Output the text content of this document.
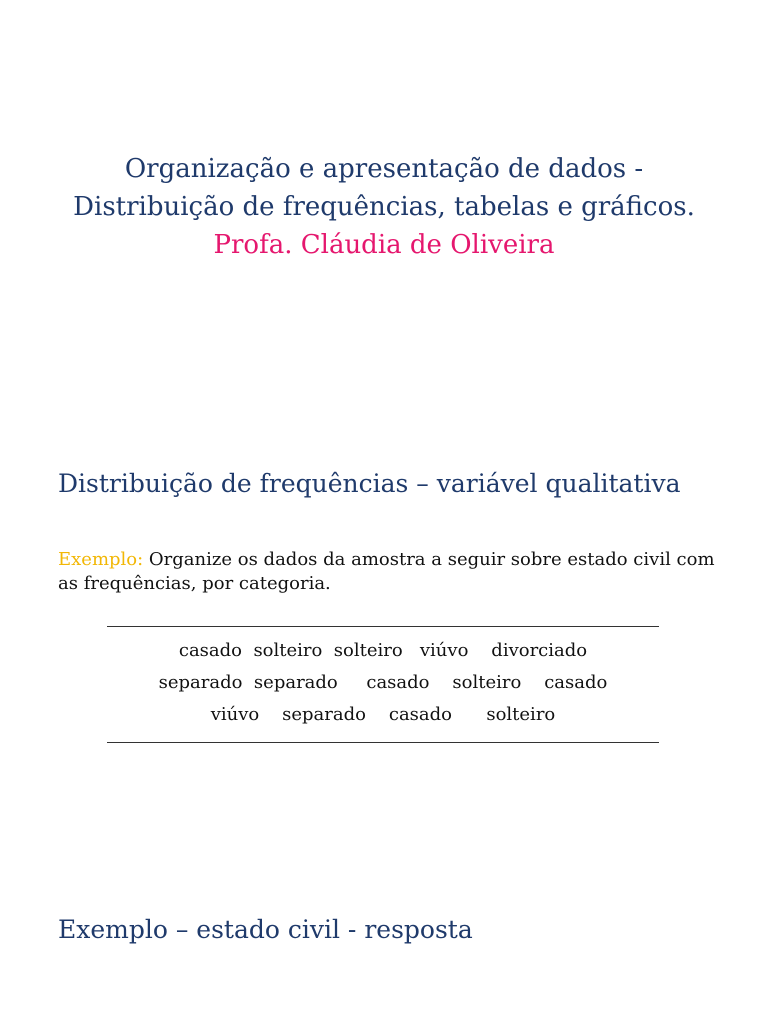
Organização e apresentação de dados -
Distribuição de frequências, tabelas e gráficos.
Profa. Cláudia de Oliveira
Distribuição de frequências – variável qualitativa
Exemplo: Organize os dados da amostra a seguir sobre estado civil com as frequências, por categoria.
casado  solteiro  solteiro   viúvo    divorciado
separado  separado     casado    solteiro    casado
viúvo    separado    casado      solteiro
Exemplo – estado civil - resposta
